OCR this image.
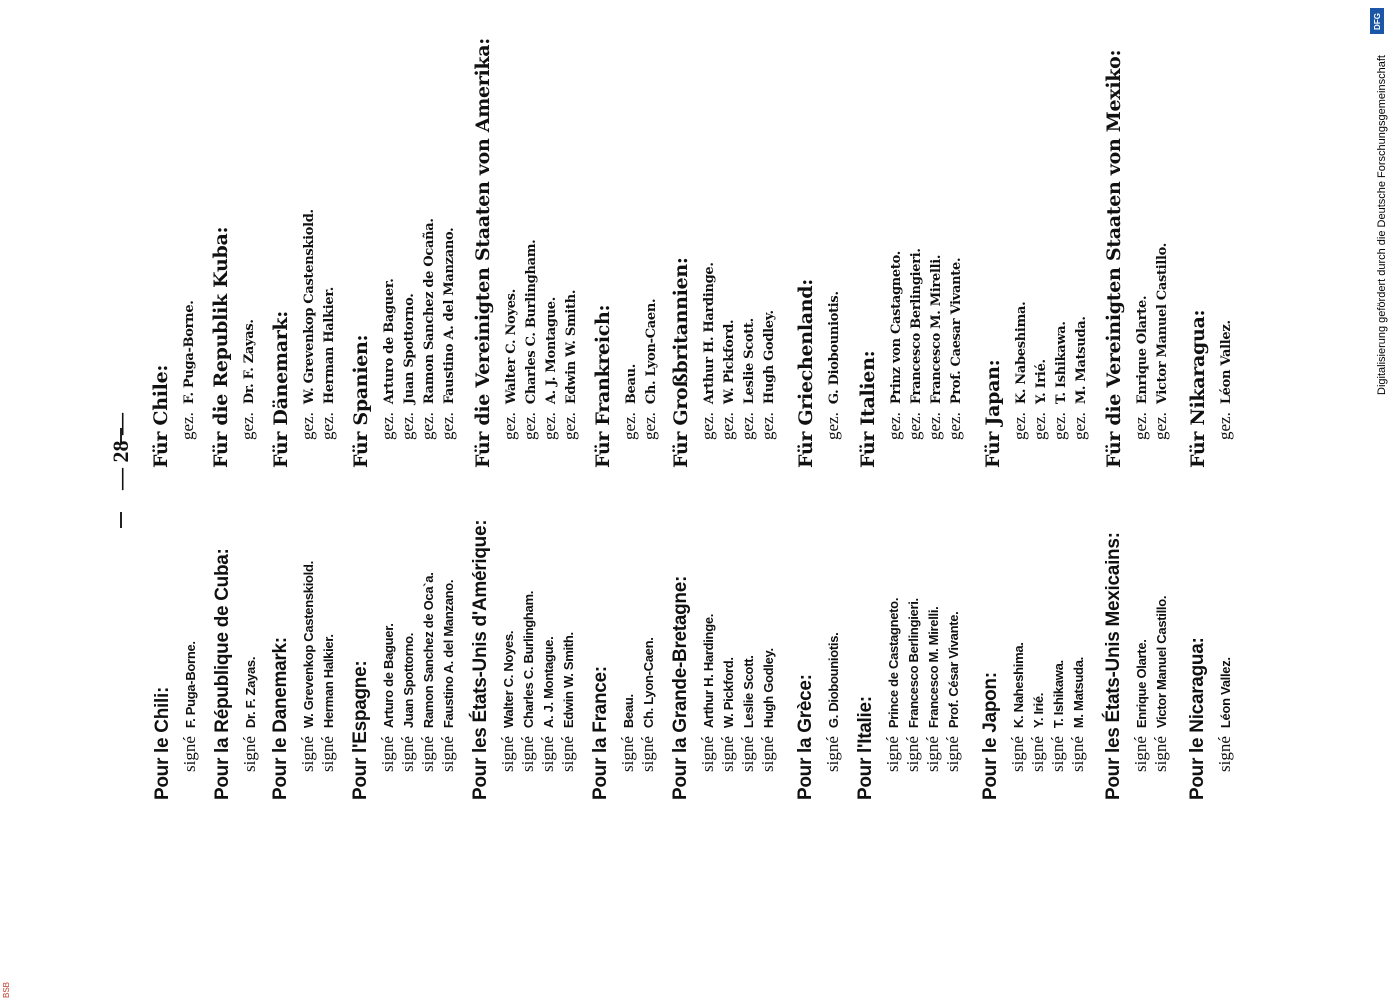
— 28 —
Pour le Chili: signéF. Puga-Borne. Pour la République de Cuba: signéDr. F. Zayas. Pour le Danemark: signéW. Grevenkop Castenskiold.
signéHerman Halkier. Pour l'Espagne: signéArturo de Baguer.
signéJuan Spottorno.
signéRamon Sanchez de Oca`a.
signéFaustino A. del Manzano. Pour les États-Unis d'Amérique: signéWalter C. Noyes.
signéCharles C. Burlingham.
signéA. J. Montague.
signéEdwin W. Smith. Pour la France: signéBeau.
signéCh. Lyon-Caen. Pour la Grande-Bretagne: signéArthur H. Hardinge.
signéW. Pickford.
signéLeslie Scott.
signéHugh Godley. Pour la Grèce: signéG. Diobouniotis.
Pour l'Italie: signéPrince de Castagneto.
signéFrancesco Berlingieri.
signéFrancesco M. Mirelli.
signéProf. César Vivante.
Pour le Japon: signéK. Naheshima.
signéY. Irié.
signéT. Ishikawa.
signéM. Matsuda. Pour les États-Unis Mexicains: signéEnrique Olarte.
signéVictor Manuel Castillo. Pour le Nicaragua: signéLéon Vallez.
Für Chile: gez.F. Puga-Borne. Für die Republik Kuba: gez.Dr. F. Zayas. Für Dänemark: gez.W. Grevenkop Castenskiold.
gez.Herman Halkier. Für Spanien: gez.Arturo de Baguer.
gez.Juan Spottorno.
gez.Ramon Sanchez de Ocaña.
gez.Faustino A. del Manzano. Für die Vereinigten Staaten von Amerika: gez.Walter C. Noyes.
gez.Charles C. Burlingham.
gez.A. J. Montague.
gez.Edwin W. Smith. Für Frankreich: gez.Beau.
gez.Ch. Lyon-Caen. Für Großbritannien: gez.Arthur H. Hardinge.
gez.W. Pickford.
gez.Leslie Scott.
gez.Hugh Godley. Für Griechenland: gez.G. Diobouniotis.
Für Italien: gez.Prinz von Castagneto.
gez.Francesco Berlingieri.
gez.Francesco M. Mirelli.
gez.Prof. Caesar Vivante.
Für Japan: gez.K. Nabeshima.
gez.Y. Irié.
gez.T. Ishikawa.
gez.M. Matsuda. Für die Vereinigten Staaten von Mexiko: gez.Enrique Olarte.
gez.Victor Manuel Castillo. Für Nikaragua: gez.Léon Vallez.
DFG
Digitalisierung gefördert durch die Deutsche Forschungsgemeinschaft
BSB
